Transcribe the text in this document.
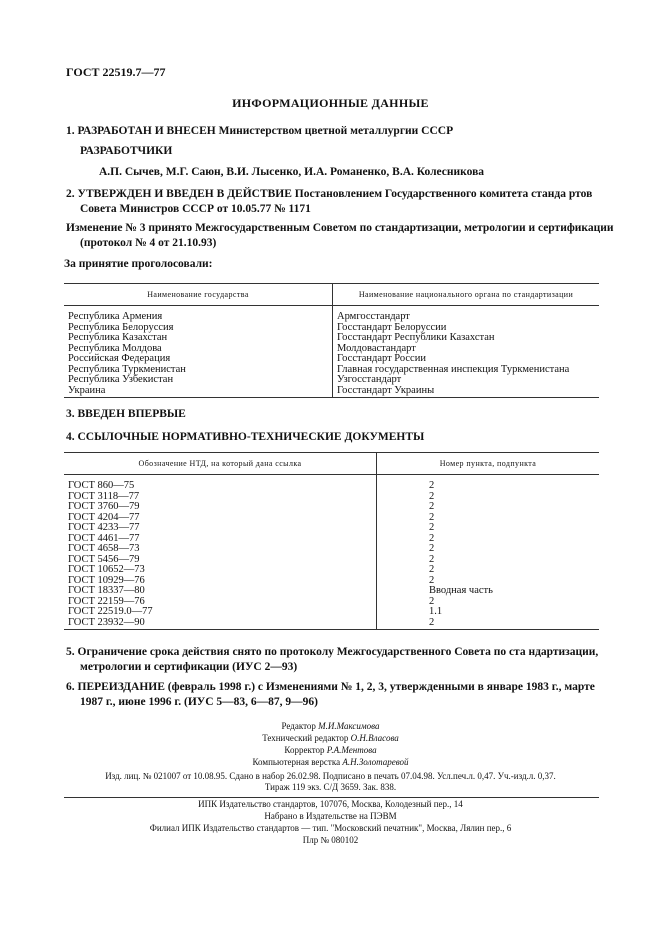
ГОСТ 22519.7—77
ИНФОРМАЦИОННЫЕ ДАННЫЕ
1. РАЗРАБОТАН И ВНЕСЕН Министерством цветной металлургии СССР
РАЗРАБОТЧИКИ
А.П. Сычев, М.Г. Саюн, В.И. Лысенко, И.А. Романенко, В.А. Колесникова
2. УТВЕРЖДЕН И ВВЕДЕН В ДЕЙСТВИЕ Постановлением Государственного комитета станда ртов
Совета Министров СССР от 10.05.77 № 1171
Изменение № 3 принято Межгосударственным Советом по стандартизации, метрологии и сертификации
(протокол № 4 от 21.10.93)
За принятие проголосовали:
Наименование государства	Наименование национального органа по стандартизации
Республика Армения	Армгосстандарт
Республика Белоруссия	Госстандарт Белоруссии
Республика Казахстан	Госстандарт Республики Казахстан
Республика Молдова	Молдовастандарт
Российская Федерация	Госстандарт России
Республика Туркменистан	Главная государственная инспекция Туркменистана
Республика Узбекистан	Узгосстандарт
Украина	Госстандарт Украины
3. ВВЕДЕН ВПЕРВЫЕ
4. ССЫЛОЧНЫЕ НОРМАТИВНО-ТЕХНИЧЕСКИЕ ДОКУМЕНТЫ
Обозначение НТД, на который дана ссылка	Номер пункта, подпункта
ГОСТ 860—75	2
ГОСТ 3118—77	2
ГОСТ 3760—79	2
ГОСТ 4204—77	2
ГОСТ 4233—77	2
ГОСТ 4461—77	2
ГОСТ 4658—73	2
ГОСТ 5456—79	2
ГОСТ 10652—73	2
ГОСТ 10929—76	2
ГОСТ 18337—80	Вводная часть
ГОСТ 22159—76	2
ГОСТ 22519.0—77	1.1
ГОСТ 23932—90	2
5. Ограничение срока действия снято по протоколу Межгосударственного Совета по ста ндартизации,
метрологии и сертификации (ИУС 2—93)
6. ПЕРЕИЗДАНИЕ (февраль 1998 г.) с Изменениями № 1, 2, 3, утвержденными в январе 1983 г., марте
1987 г., июне 1996 г. (ИУС 5—83, 6—87, 9—96)
Редактор М.И.Максимова
Технический редактор О.Н.Власова
Корректор Р.А.Ментова
Компьютерная верстка А.Н.Золотаревой
Изд. лиц. № 021007 от 10.08.95. Сдано в набор 26.02.98. Подписано в печать 07.04.98. Усл.печ.л. 0,47. Уч.-изд.л. 0,37.
Тираж 119 экз. С/Д 3659. Зак. 838.
ИПК Издательство стандартов, 107076, Москва, Колодезный пер., 14
Набрано в Издательстве на ПЭВМ
Филиал ИПК Издательство стандартов — тип. "Московский печатник", Москва, Лялин пер., 6
Плр № 080102
